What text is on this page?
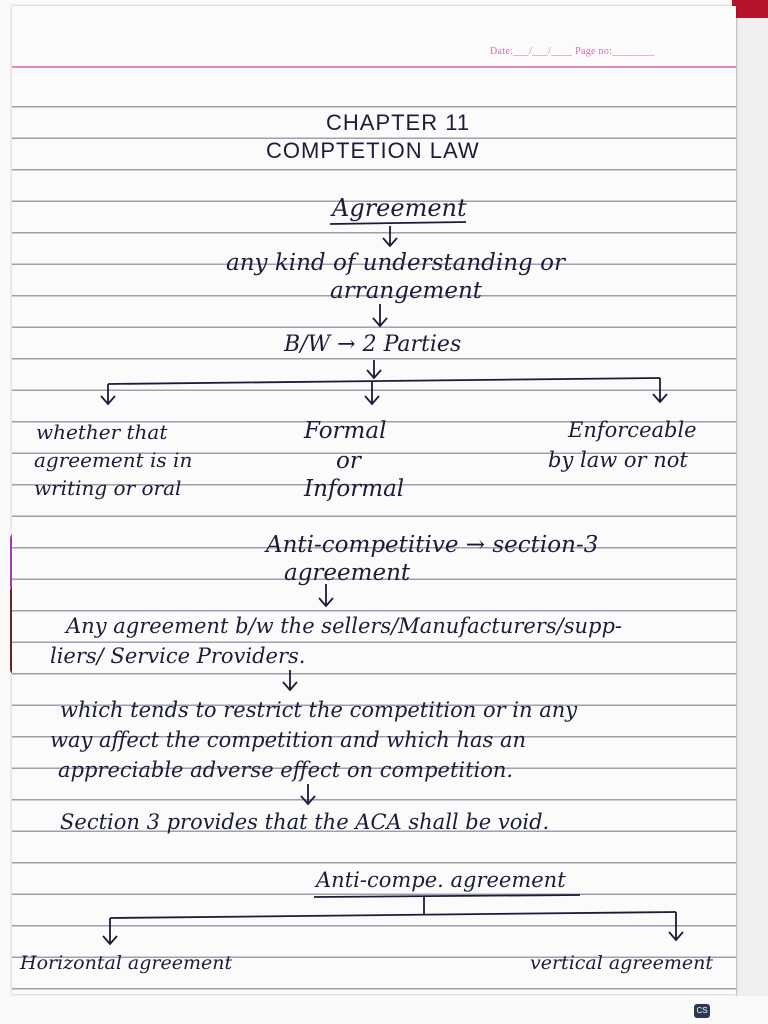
Date:___/___/____ Page no:________
CHAPTER 11
COMPTETION LAW
Agreement
any kind of understanding or
arrangement
B/W → 2 Parties
whether that
agreement is in
writing or oral
Formal
or
Informal
Enforceable
by law or not
Anti-competitive → section-3
agreement
Any agreement b/w the sellers/Manufacturers/supp-
liers/ Service Providers.
which tends to restrict the competition or in any
way affect the competition and which has an
appreciable adverse effect on competition.
Section 3 provides that the ACA shall be void.
Anti-compe. agreement
Horizontal agreement	vertical agreement
CS
